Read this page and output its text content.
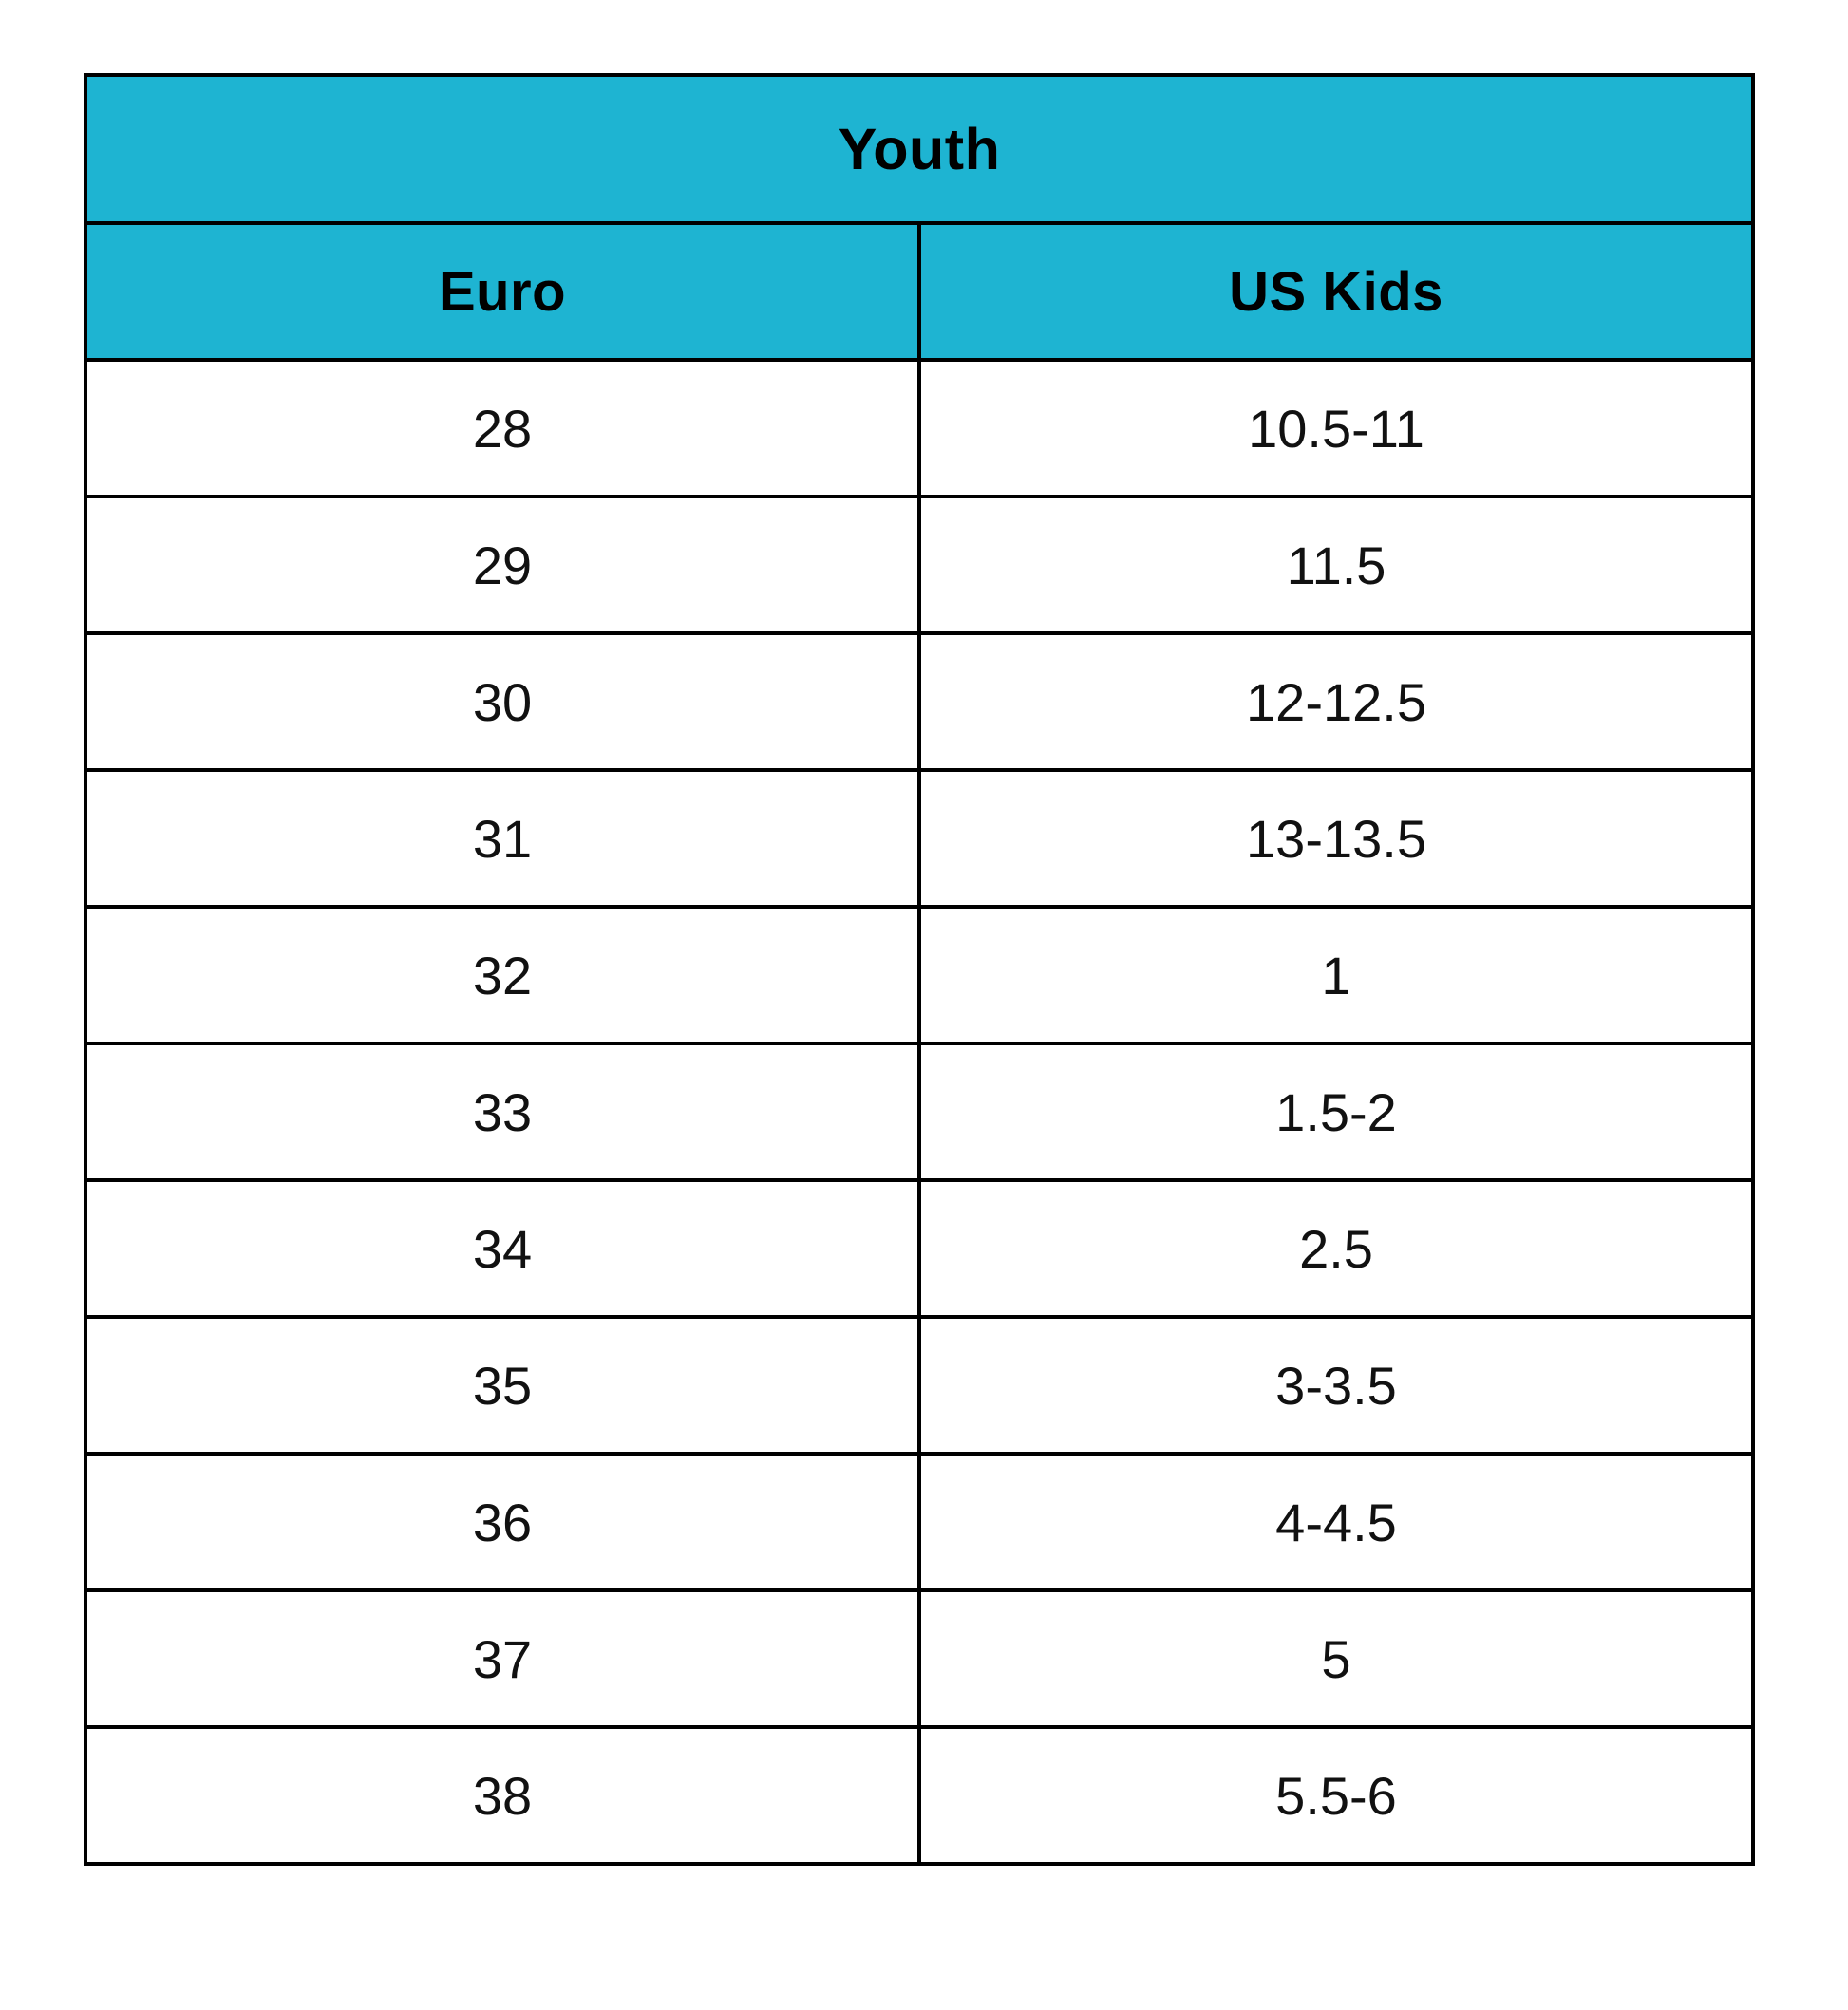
Youth	
Euro	US Kids
28	10.5-11
29	11.5
30	12-12.5
31	13-13.5
32	1
33	1.5-2
34	2.5
35	3-3.5
36	4-4.5
37	5
38	5.5-6
